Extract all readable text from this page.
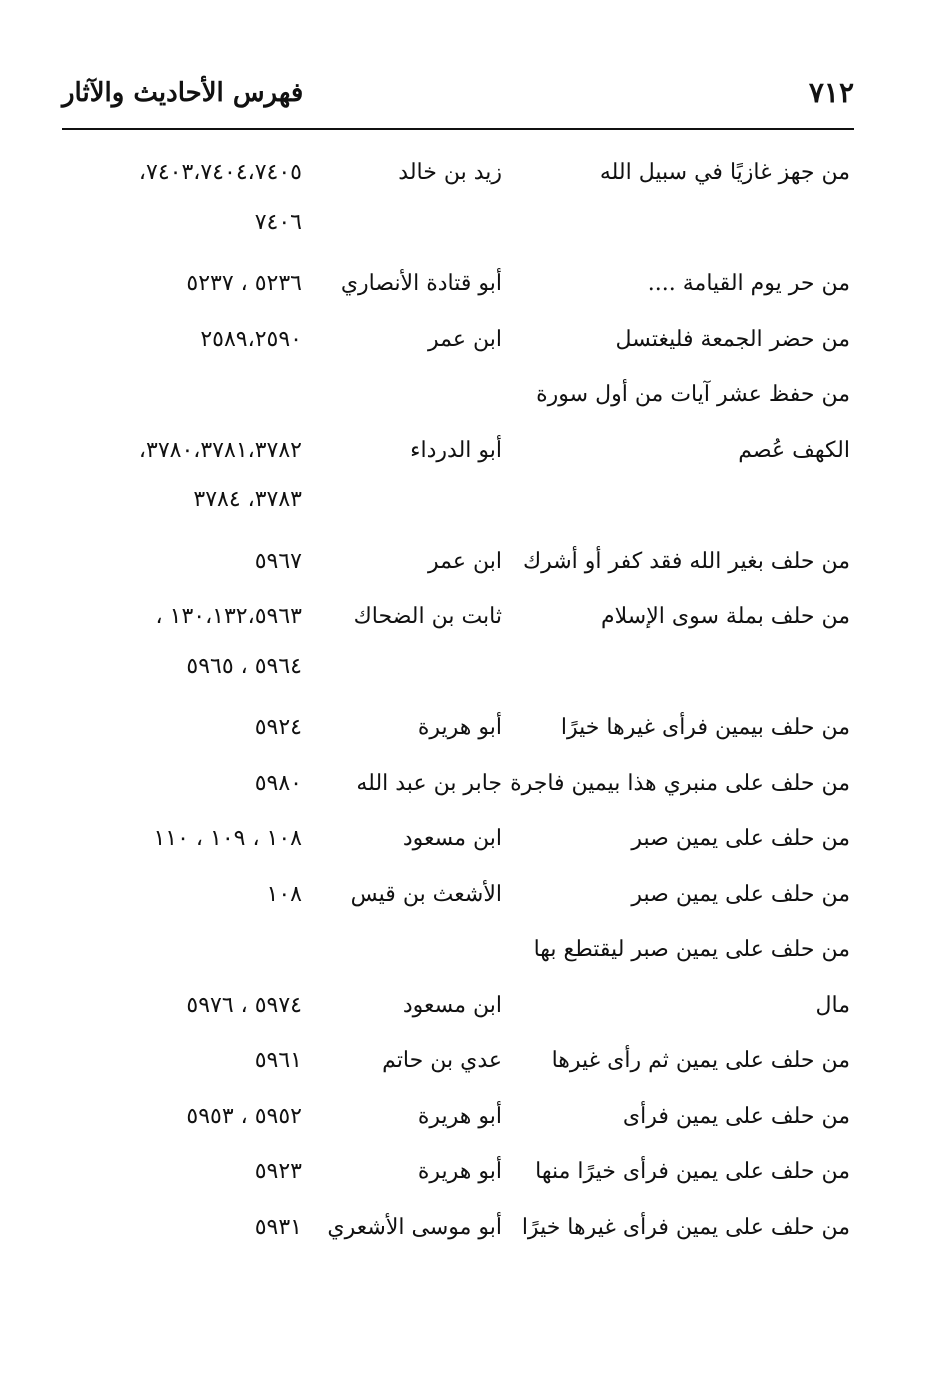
فهرس الأحاديث والآثار	٧١٢
من جهز غازيًا في سبيل الله
زيد بن خالد
٧٤٠٣،٧٤٠٤،٧٤٠٥،
٧٤٠٦
من حر يوم القيامة ....
أبو قتادة الأنصاري
٥٢٣٦ ، ٥٢٣٧
من حضر الجمعة فليغتسل
ابن عمر
٢٥٨٩،٢٥٩٠
من حفظ عشر آيات من أول سورة
الكهف عُصم
أبو الدرداء
٣٧٨٠،٣٧٨١،٣٧٨٢،
٣٧٨٣، ٣٧٨٤
من حلف بغير الله فقد كفر أو أشرك
ابن عمر
٥٩٦٧
من حلف بملة سوى الإسلام
ثابت بن الضحاك
١٣٠،١٣٢،٥٩٦٣ ،
٥٩٦٤ ، ٥٩٦٥
من حلف بيمين فرأى غيرها خيرًا
أبو هريرة
٥٩٢٤
من حلف على منبري هذا بيمين فاجرة
جابر بن عبد الله
٥٩٨٠
من حلف على يمين صبر
ابن مسعود
١٠٨ ، ١٠٩ ، ١١٠
من حلف على يمين صبر
الأشعث بن قيس
١٠٨
من حلف على يمين صبر ليقتطع بها
مال
ابن مسعود
٥٩٧٤ ، ٥٩٧٦
من حلف على يمين ثم رأى غيرها
عدي بن حاتم
٥٩٦١
من حلف على يمين فرأى
أبو هريرة
٥٩٥٢ ، ٥٩٥٣
من حلف على يمين فرأى خيرًا منها
أبو هريرة
٥٩٢٣
من حلف على يمين فرأى غيرها خيرًا
أبو موسى الأشعري
٥٩٣١
